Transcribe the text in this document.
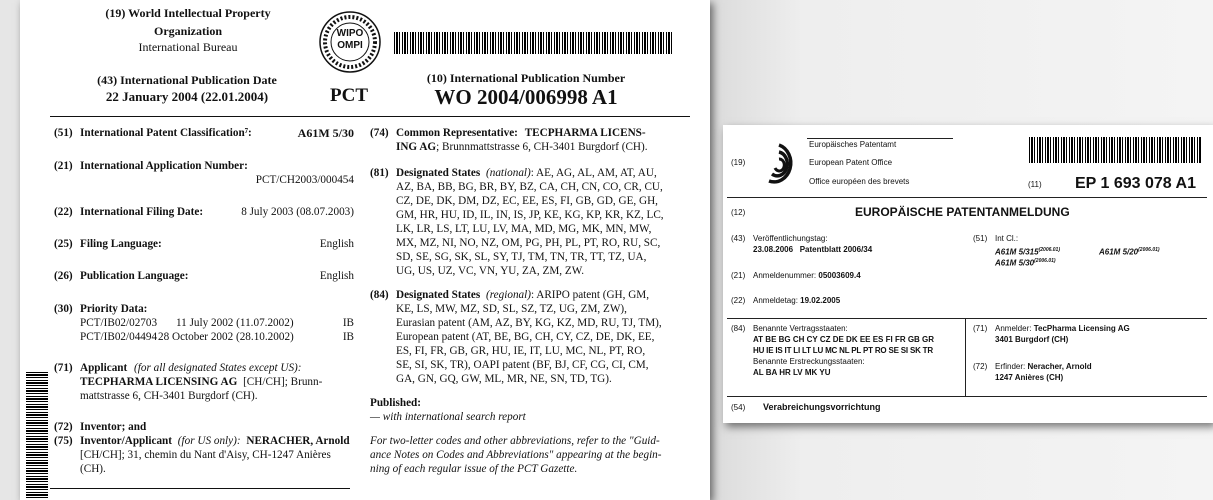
(19) World Intellectual Property
Organization
International Bureau
WIPO OMPI
(43) International Publication Date
22 January 2004 (22.01.2004)	PCT
(10) International Publication Number
WO 2004/006998 A1
(51) International Patent Classification⁷:	A61M 5/30
(21) International Application Number:
PCT/CH2003/000454
(22) International Filing Date:	8 July 2003 (08.07.2003)
(25) Filing Language:	English
(26) Publication Language:	English
(30) Priority Data:
PCT/IB02/02703 11 July 2002 (11.07.2002)	IB
PCT/IB02/04494 28 October 2002 (28.10.2002)	IB
(71) Applicant (for all designated States except US):
TECPHARMA LICENSING AG [CH/CH]; Brunn-
mattstrasse 6, CH-3401 Burgdorf (CH).
(72) Inventor; and
(75) Inventor/Applicant (for US only): NERACHER, Arnold
[CH/CH]; 31, chemin du Nant d'Aisy, CH-1247 Anières
(CH).
(74) Common Representative: TECPHARMA LICENS-
ING AG; Brunnmattstrasse 6, CH-3401 Burgdorf (CH).
(81) Designated States (national): AE, AG, AL, AM, AT, AU,
AZ, BA, BB, BG, BR, BY, BZ, CA, CH, CN, CO, CR, CU,
CZ, DE, DK, DM, DZ, EC, EE, ES, FI, GB, GD, GE, GH,
GM, HR, HU, ID, IL, IN, IS, JP, KE, KG, KP, KR, KZ, LC,
LK, LR, LS, LT, LU, LV, MA, MD, MG, MK, MN, MW,
MX, MZ, NI, NO, NZ, OM, PG, PH, PL, PT, RO, RU, SC,
SD, SE, SG, SK, SL, SY, TJ, TM, TN, TR, TT, TZ, UA,
UG, US, UZ, VC, VN, YU, ZA, ZM, ZW.
(84) Designated States (regional): ARIPO patent (GH, GM,
KE, LS, MW, MZ, SD, SL, SZ, TZ, UG, ZM, ZW),
Eurasian patent (AM, AZ, BY, KG, KZ, MD, RU, TJ, TM),
European patent (AT, BE, BG, CH, CY, CZ, DE, DK, EE,
ES, FI, FR, GB, GR, HU, IE, IT, LU, MC, NL, PT, RO,
SE, SI, SK, TR), OAPI patent (BF, BJ, CF, CG, CI, CM,
GA, GN, GQ, GW, ML, MR, NE, SN, TD, TG).
Published:
— with international search report
For two-letter codes and other abbreviations, refer to the "Guid-
ance Notes on Codes and Abbreviations" appearing at the begin-
ning of each regular issue of the PCT Gazette.
Europäisches Patentamt
European Patent Office
Office européen des brevets
(19)
(11) EP 1 693 078 A1
(12)	EUROPÄISCHE PATENTANMELDUNG
(43) Veröffentlichungstag:
23.08.2006   Patentblatt 2006/34
(51) Int Cl.:
A61M $5/315^{(2006.01)}$	A61M $5/20^{(2006.01)}$
A61M $5/30^{(2006.01)}$
(21) Anmeldenummer: 05003609.4
(22) Anmeldetag: 19.02.2005
(84) Benannte Vertragsstaaten:
AT BE BG CH CY CZ DE DK EE ES FI FR GB GR
HU IE IS IT LI LT LU MC NL PL PT RO SE SI SK TR
Benannte Erstreckungsstaaten:
AL BA HR LV MK YU
(71) Anmelder: TecPharma Licensing AG
3401 Burgdorf (CH)
(72) Erfinder: Neracher, Arnold
1247 Anières (CH)
(54) Verabreichungsvorrichtung
